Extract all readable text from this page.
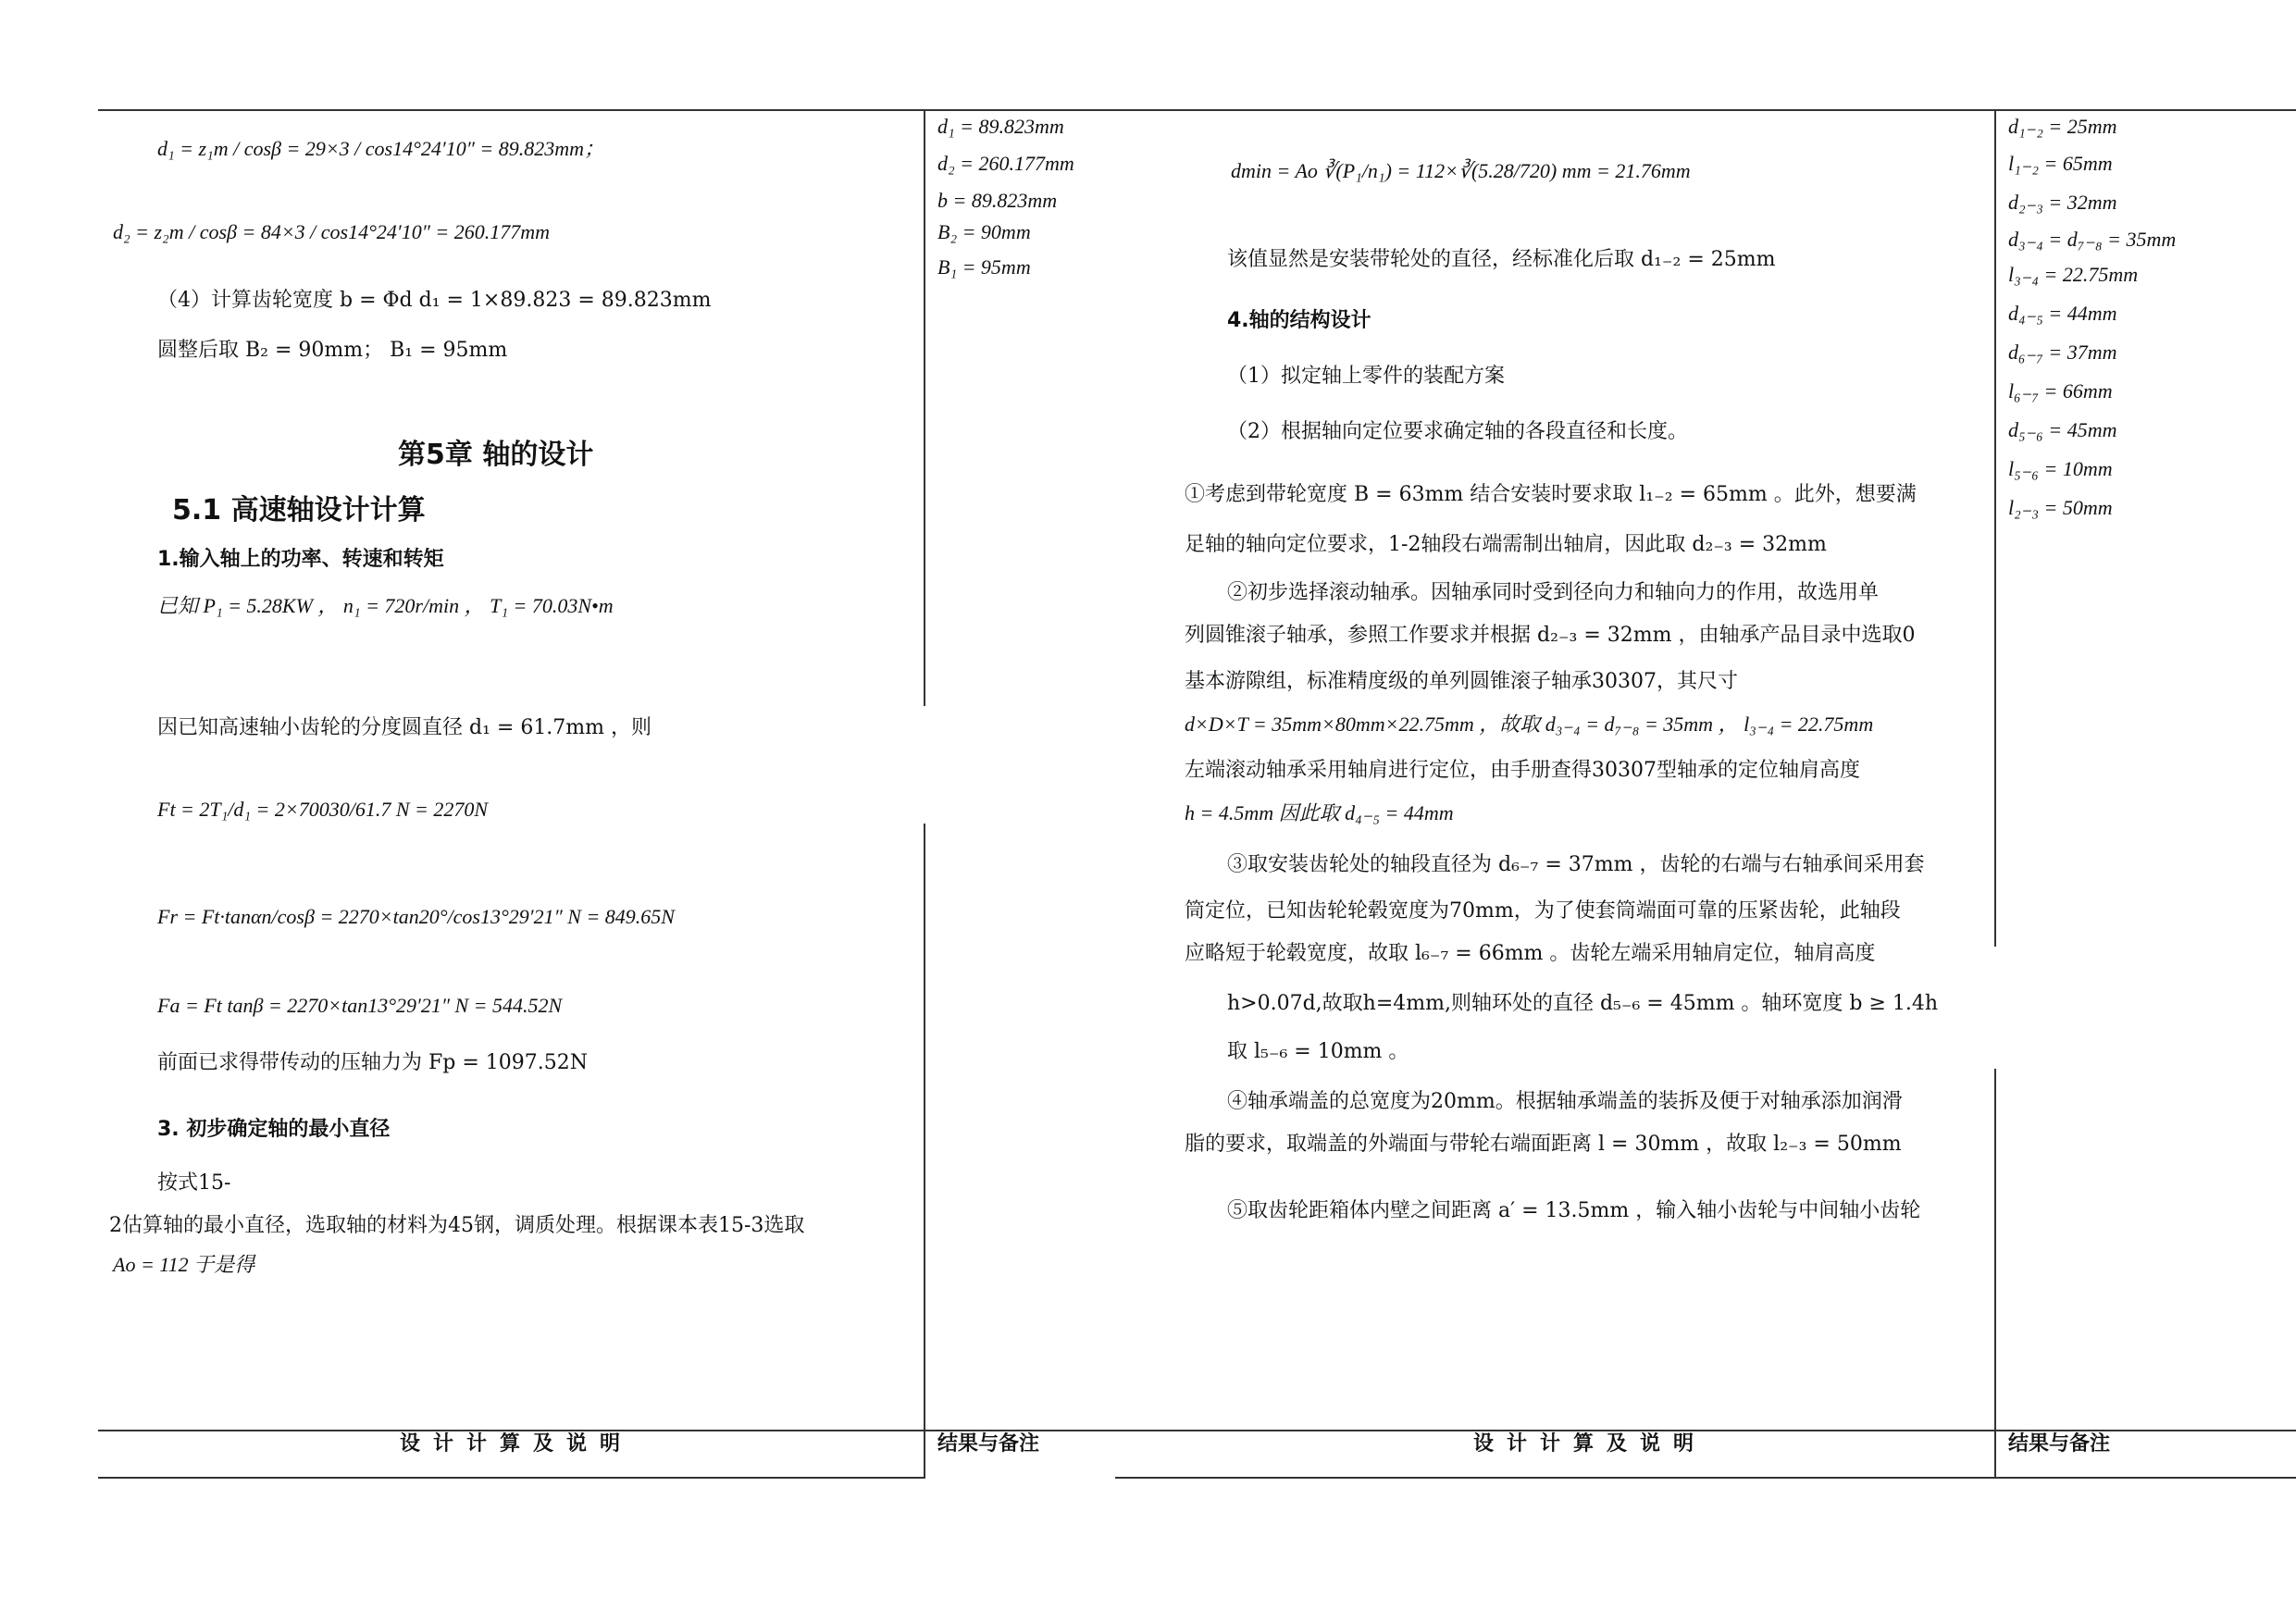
d₁ = z₁m / cosβ = 29×3 / cos14°24′10″ = 89.823mm；
d₂ = z₂m / cosβ = 84×3 / cos14°24′10″ = 260.177mm
（4）计算齿轮宽度 b = Φd d₁ = 1×89.823 = 89.823mm
圆整后取 B₂ = 90mm； B₁ = 95mm
第5章 轴的设计
5.1 高速轴设计计算
1.输入轴上的功率、转速和转矩
已知 P₁ = 5.28KW ， n₁ = 720r/min ， T₁ = 70.03N•m
因已知高速轴小齿轮的分度圆直径 d₁ = 61.7mm ，则
Ft = 2T₁/d₁ = 2×70030/61.7 N = 2270N
Fr = Ft·tanαn/cosβ = 2270×tan20°/cos13°29′21″ N = 849.65N
Fa = Ft tanβ = 2270×tan13°29′21″ N = 544.52N
前面已求得带传动的压轴力为 Fp = 1097.52N
3. 初步确定轴的最小直径
按式15-
2估算轴的最小直径，选取轴的材料为45钢，调质处理。根据课本表15-3选取
Ao = 112 于是得
d₁ = 89.823mm
d₂ = 260.177mm
b = 89.823mm
B₂ = 90mm
B₁ = 95mm
dmin = Ao ∛(P₁/n₁) = 112×∛(5.28/720) mm = 21.76mm
该值显然是安装带轮处的直径，经标准化后取 d₁₋₂ = 25mm
4.轴的结构设计
（1）拟定轴上零件的装配方案
（2）根据轴向定位要求确定轴的各段直径和长度。
①考虑到带轮宽度 B = 63mm 结合安装时要求取 l₁₋₂ = 65mm 。此外，想要满
足轴的轴向定位要求，1-2轴段右端需制出轴肩，因此取 d₂₋₃ = 32mm
②初步选择滚动轴承。因轴承同时受到径向力和轴向力的作用，故选用单
列圆锥滚子轴承，参照工作要求并根据 d₂₋₃ = 32mm ，由轴承产品目录中选取0
基本游隙组，标准精度级的单列圆锥滚子轴承30307，其尺寸
d×D×T = 35mm×80mm×22.75mm ，故取 d₃₋₄ = d₇₋₈ = 35mm ， l₃₋₄ = 22.75mm
左端滚动轴承采用轴肩进行定位，由手册查得30307型轴承的定位轴肩高度
h = 4.5mm 因此取 d₄₋₅ = 44mm
③取安装齿轮处的轴段直径为 d₆₋₇ = 37mm ，齿轮的右端与右轴承间采用套
筒定位，已知齿轮轮毂宽度为70mm，为了使套筒端面可靠的压紧齿轮，此轴段
应略短于轮毂宽度，故取 l₆₋₇ = 66mm 。齿轮左端采用轴肩定位，轴肩高度
h>0.07d,故取h=4mm,则轴环处的直径 d₅₋₆ = 45mm 。轴环宽度 b ≥ 1.4h
取 l₅₋₆ = 10mm 。
④轴承端盖的总宽度为20mm。根据轴承端盖的装拆及便于对轴承添加润滑
脂的要求，取端盖的外端面与带轮右端面距离 l = 30mm ，故取 l₂₋₃ = 50mm
⑤取齿轮距箱体内壁之间距离 a′ = 13.5mm ，输入轴小齿轮与中间轴小齿轮
d₁₋₂ = 25mm
l₁₋₂ = 65mm
d₂₋₃ = 32mm
d₃₋₄ = d₇₋₈ = 35mm
l₃₋₄ = 22.75mm
d₄₋₅ = 44mm
d₆₋₇ = 37mm
l₆₋₇ = 66mm
d₅₋₆ = 45mm
l₅₋₆ = 10mm
l₂₋₃ = 50mm
设计计算及说明	结果与备注	设计计算及说明	结果与备注
